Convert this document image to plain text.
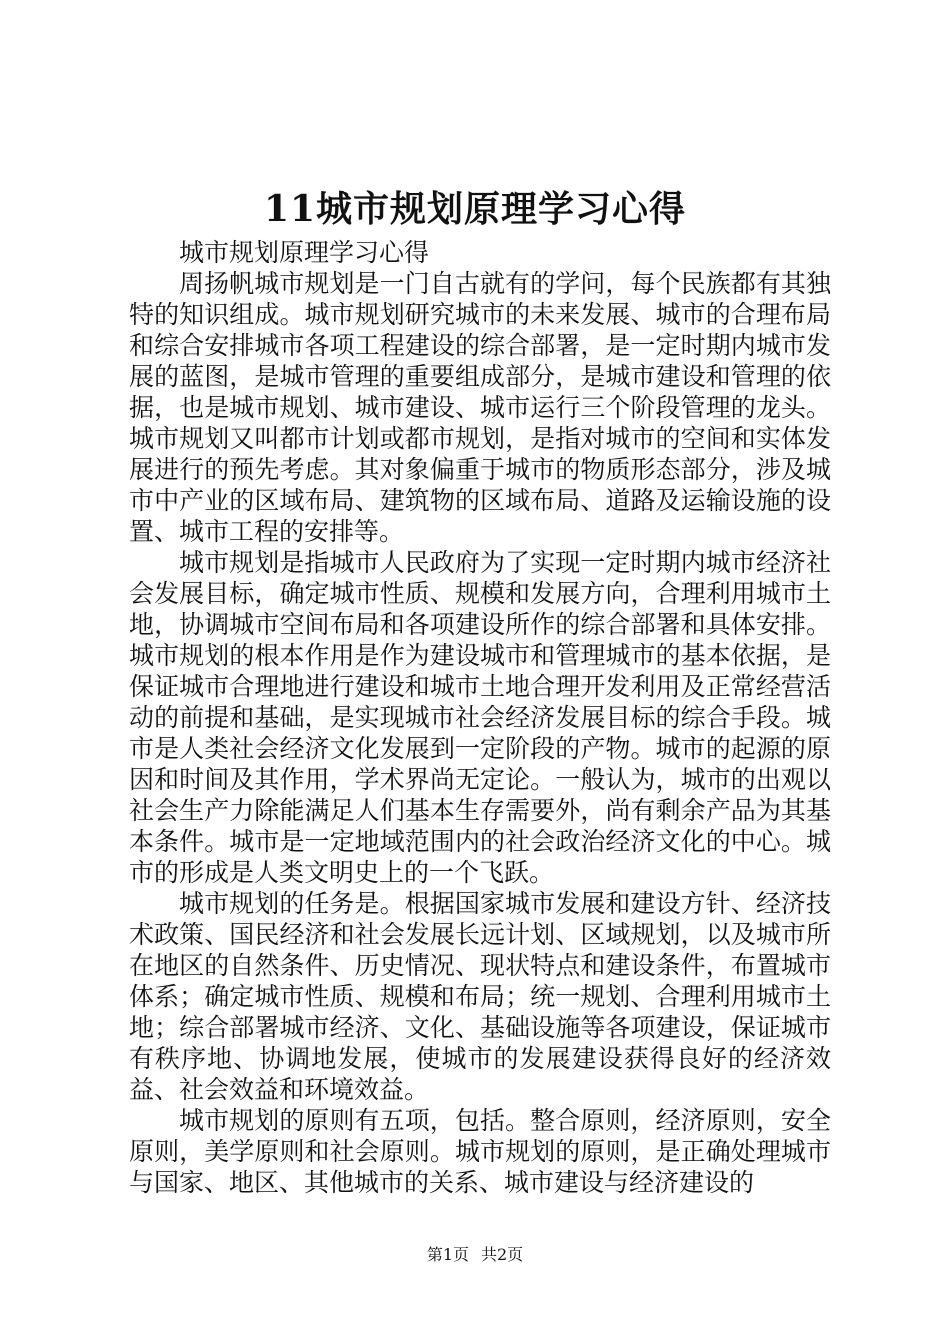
11城市规划原理学习心得

城市规划原理学习心得

周扬帆城市规划是一门自古就有的学问，每个民族都有其独特的知识组成。城市规划研究城市的未来发展、城市的合理布局和综合安排城市各项工程建设的综合部署，是一定时期内城市发展的蓝图，是城市管理的重要组成部分，是城市建设和管理的依据，也是城市规划、城市建设、城市运行三个阶段管理的龙头。城市规划又叫都市计划或都市规划，是指对城市的空间和实体发展进行的预先考虑。其对象偏重于城市的物质形态部分，涉及城市中产业的区域布局、建筑物的区域布局、道路及运输设施的设置、城市工程的安排等。

城市规划是指城市人民政府为了实现一定时期内城市经济社会发展目标，确定城市性质、规模和发展方向，合理利用城市土地，协调城市空间布局和各项建设所作的综合部署和具体安排。城市规划的根本作用是作为建设城市和管理城市的基本依据，是保证城市合理地进行建设和城市土地合理开发利用及正常经营活动的前提和基础，是实现城市社会经济发展目标的综合手段。城市是人类社会经济文化发展到一定阶段的产物。城市的起源的原因和时间及其作用，学术界尚无定论。一般认为，城市的出观以社会生产力除能满足人们基本生存需要外，尚有剩余产品为其基本条件。城市是一定地域范围内的社会政治经济文化的中心。城市的形成是人类文明史上的一个飞跃。

城市规划的任务是。根据国家城市发展和建设方针、经济技术政策、国民经济和社会发展长远计划、区域规划，以及城市所在地区的自然条件、历史情况、现状特点和建设条件，布置城市体系；确定城市性质、规模和布局；统一规划、合理利用城市土地；综合部署城市经济、文化、基础设施等各项建设，保证城市有秩序地、协调地发展，使城市的发展建设获得良好的经济效益、社会效益和环境效益。

城市规划的原则有五项，包括。整合原则，经济原则，安全原则，美学原则和社会原则。城市规划的原则，是正确处理城市与国家、地区、其他城市的关系、城市建设与经济建设的

第1页 共2页
